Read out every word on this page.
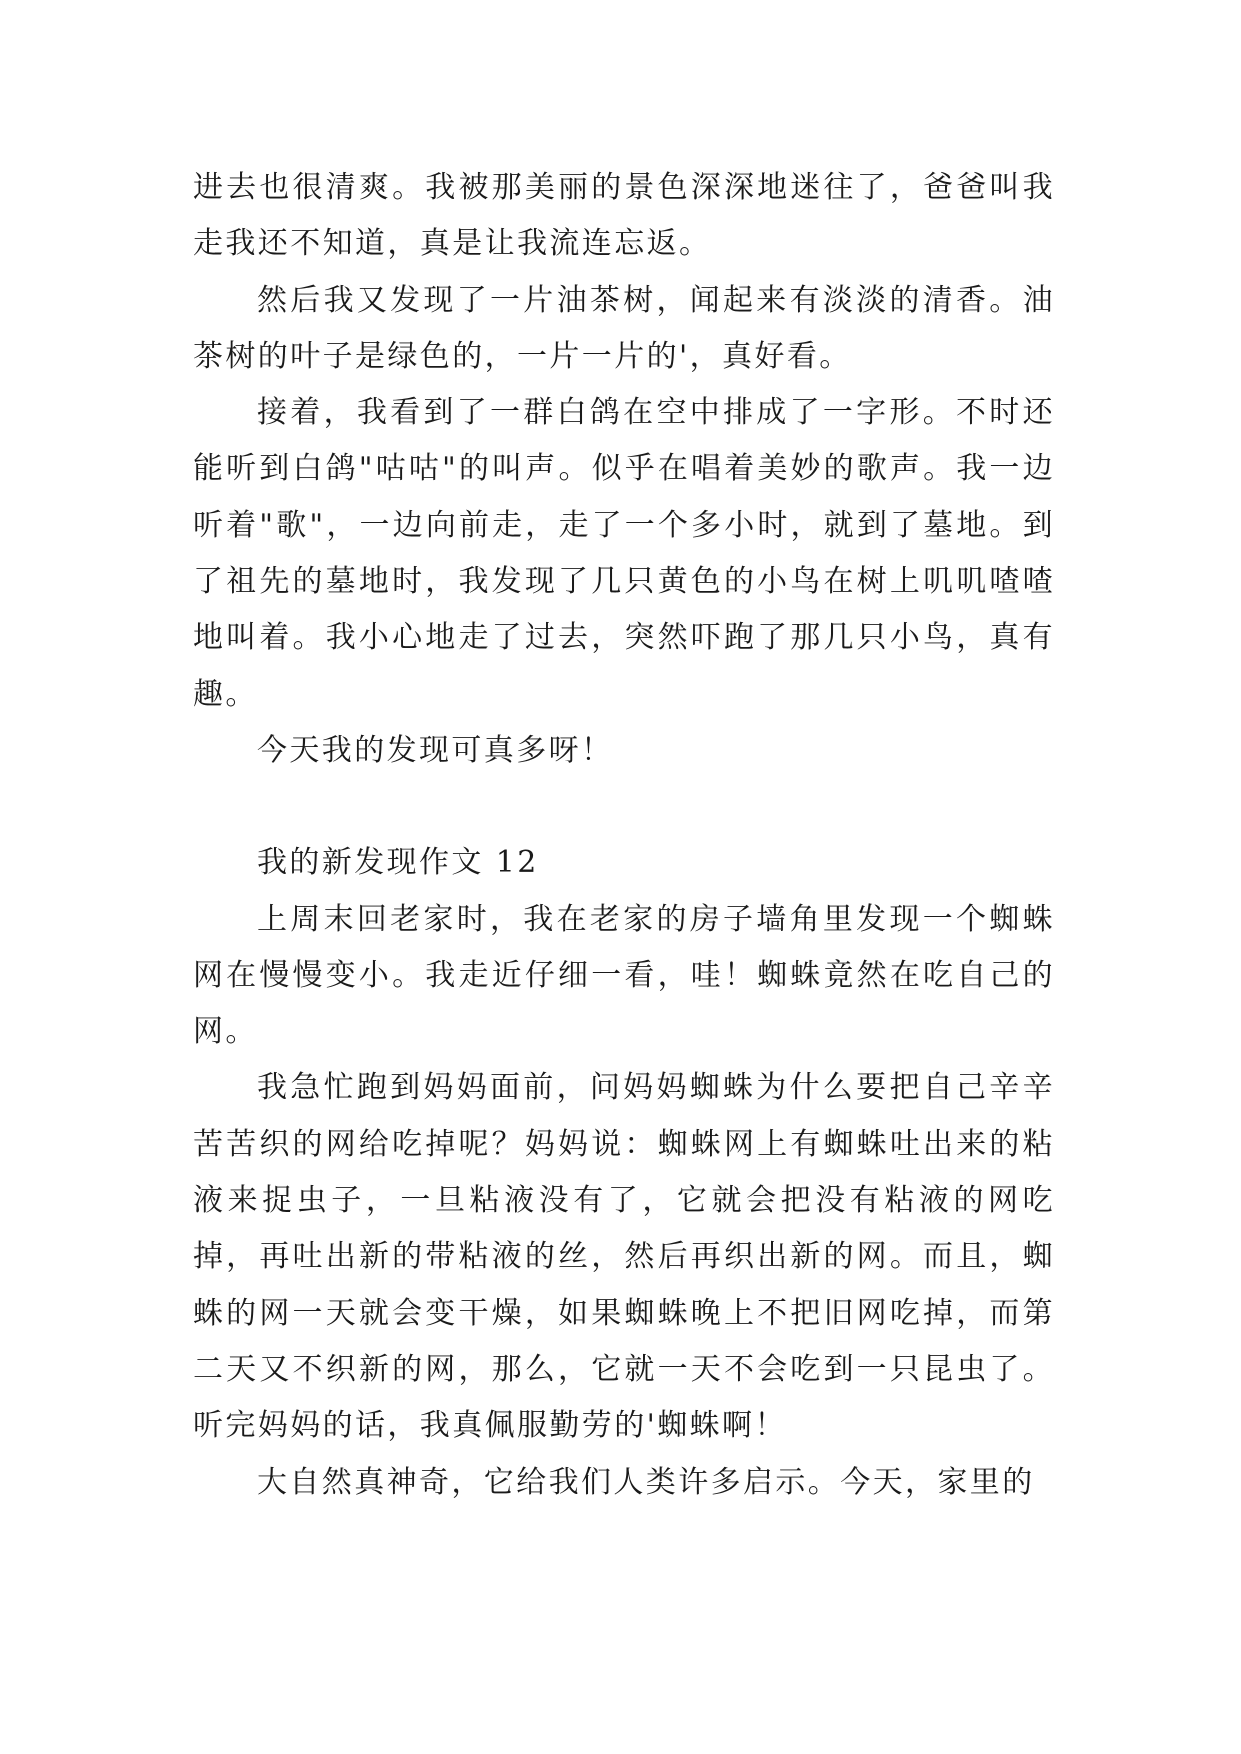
进去也很清爽。我被那美丽的景色深深地迷往了，爸爸叫我走我还不知道，真是让我流连忘返。

然后我又发现了一片油茶树，闻起来有淡淡的清香。油茶树的叶子是绿色的，一片一片的'，真好看。

接着，我看到了一群白鸽在空中排成了一字形。不时还能听到白鸽"咕咕"的叫声。似乎在唱着美妙的歌声。我一边听着"歌"，一边向前走，走了一个多小时，就到了墓地。到了祖先的墓地时，我发现了几只黄色的小鸟在树上叽叽喳喳地叫着。我小心地走了过去，突然吓跑了那几只小鸟，真有趣。

今天我的发现可真多呀！

我的新发现作文 12

上周末回老家时，我在老家的房子墙角里发现一个蜘蛛网在慢慢变小。我走近仔细一看，哇！蜘蛛竟然在吃自己的网。

我急忙跑到妈妈面前，问妈妈蜘蛛为什么要把自己辛辛苦苦织的网给吃掉呢？妈妈说：蜘蛛网上有蜘蛛吐出来的粘液来捉虫子，一旦粘液没有了，它就会把没有粘液的网吃掉，再吐出新的带粘液的丝，然后再织出新的网。而且，蜘蛛的网一天就会变干燥，如果蜘蛛晚上不把旧网吃掉，而第二天又不织新的网，那么，它就一天不会吃到一只昆虫了。听完妈妈的话，我真佩服勤劳的'蜘蛛啊！

大自然真神奇，它给我们人类许多启示。今天，家里的
